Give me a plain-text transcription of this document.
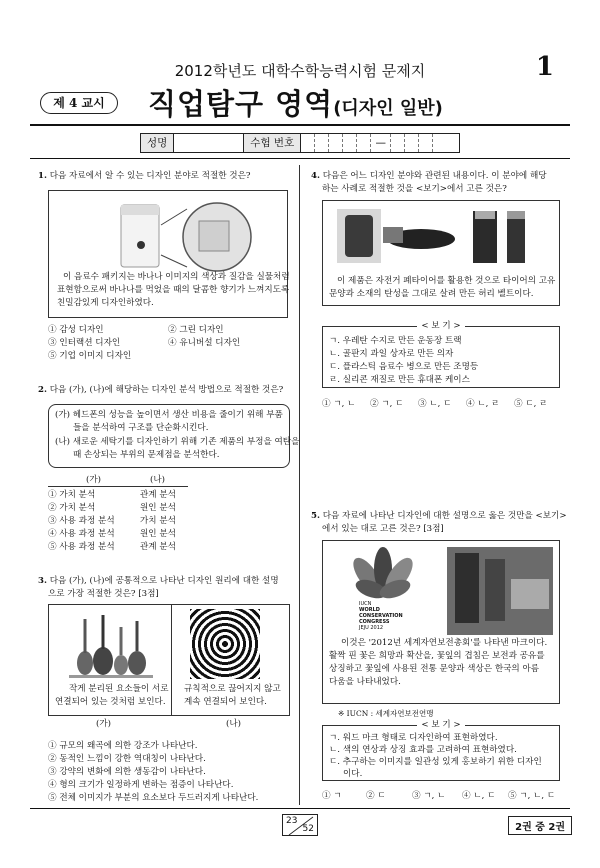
2012학년도 대학수학능력시험 문제지	1
제 4 교시	직업탐구 영역(디자인 일반)
성명	수험 번호	—
1. 다음 자료에서 알 수 있는 디자인 분야로 적절한 것은?
이 음료수 패키지는 바나나 이미지의 색상과 질감을 실물처럼
표현함으로써 바나나를 먹었을 때의 달콤한 향기가 느껴지도록
친밀감있게 디자인하였다.
① 감성 디자인	② 그린 디자인
③ 인터랙션 디자인	④ 유니버설 디자인
⑤ 기업 이미지 디자인
2. 다음 (가), (나)에 해당하는 디자인 분석 방법으로 적절한 것은?
(가) 헤드폰의 성능을 높이면서 생산 비용을 줄이기 위해 부품
들을 분석하여 구조를 단순화시킨다.
(나) 새로운 세탁기를 디자인하기 위해 기존 제품의 부정을 여탄을
때 손상되는 부위의 문제점을 분석한다.
(가)	(나)
① 가치 분석	관계 분석
② 가치 분석	원인 분석
③ 사용 과정 분석	가치 분석
④ 사용 과정 분석	원인 분석
⑤ 사용 과정 분석	관계 분석
3. 다음 (가), (나)에 공통적으로 나타난 디자인 원리에 대한 설명
으로 가장 적절한 것은? [3점]
작게 분리된 요소들이 서로
연결되어 있는 것처럼 보인다.
규칙적으로 끊어지지 않고
계속 연결되어 보인다.
(가)	(나)
① 규모의 왜곡에 의한 강조가 나타난다.
② 동적인 느낌이 강한 역대칭이 나타난다.
③ 강약의 변화에 의한 생동감이 나타난다.
④ 형의 크기가 일정하게 변하는 점증이 나타난다.
⑤ 전체 이미지가 부분의 요소보다 두드러지게 나타난다.
4. 다음은 어느 디자인 분야와 관련된 내용이다. 이 분야에 해당
하는 사례로 적절한 것을 <보기>에서 고른 것은?
이 제품은 자전거 폐타이어를 활용한 것으로 타이어의 고유
문양과 소재의 탄성을 그대로 살려 만든 허리 벨트이다.
< 보 기 >
ㄱ. 우레탄 수지로 만든 운동장 트랙
ㄴ. 골판지 과일 상자로 만든 의자
ㄷ. 플라스틱 음료수 병으로 만든 조명등
ㄹ. 실리콘 재질로 만든 휴대폰 케이스
① ㄱ, ㄴ ② ㄱ, ㄷ ③ ㄴ, ㄷ ④ ㄴ, ㄹ ⑤ ㄷ, ㄹ
5. 다음 자료에 나타난 디자인에 대한 설명으로 옳은 것만을 <보기>
에서 있는 대로 고른 것은? [3점]
IUCN
WORLD
CONSERVATION
CONGRESS
JEJU 2012
이것은 '2012년 세계자연보전총회'를 나타낸 마크이다.
활짝 핀 꽃은 희망과 확산을, 꽃잎의 겹침은 보전과 공유를
상징하고 꽃잎에 사용된 전통 문양과 색상은 한국의 아름
다움을 나타내었다.
※ IUCN : 세계자연보전연맹
< 보 기 >
ㄱ. 워드 마크 형태로 디자인하여 표현하였다.
ㄴ. 색의 연상과 상징 효과를 고려하여 표현하였다.
ㄷ. 추구하는 이미지를 일관성 있게 홍보하기 위한 디자인
이다.
① ㄱ	② ㄷ	③ ㄱ, ㄴ ④ ㄴ, ㄷ ⑤ ㄱ, ㄴ, ㄷ
23
52	2권 중 2권
